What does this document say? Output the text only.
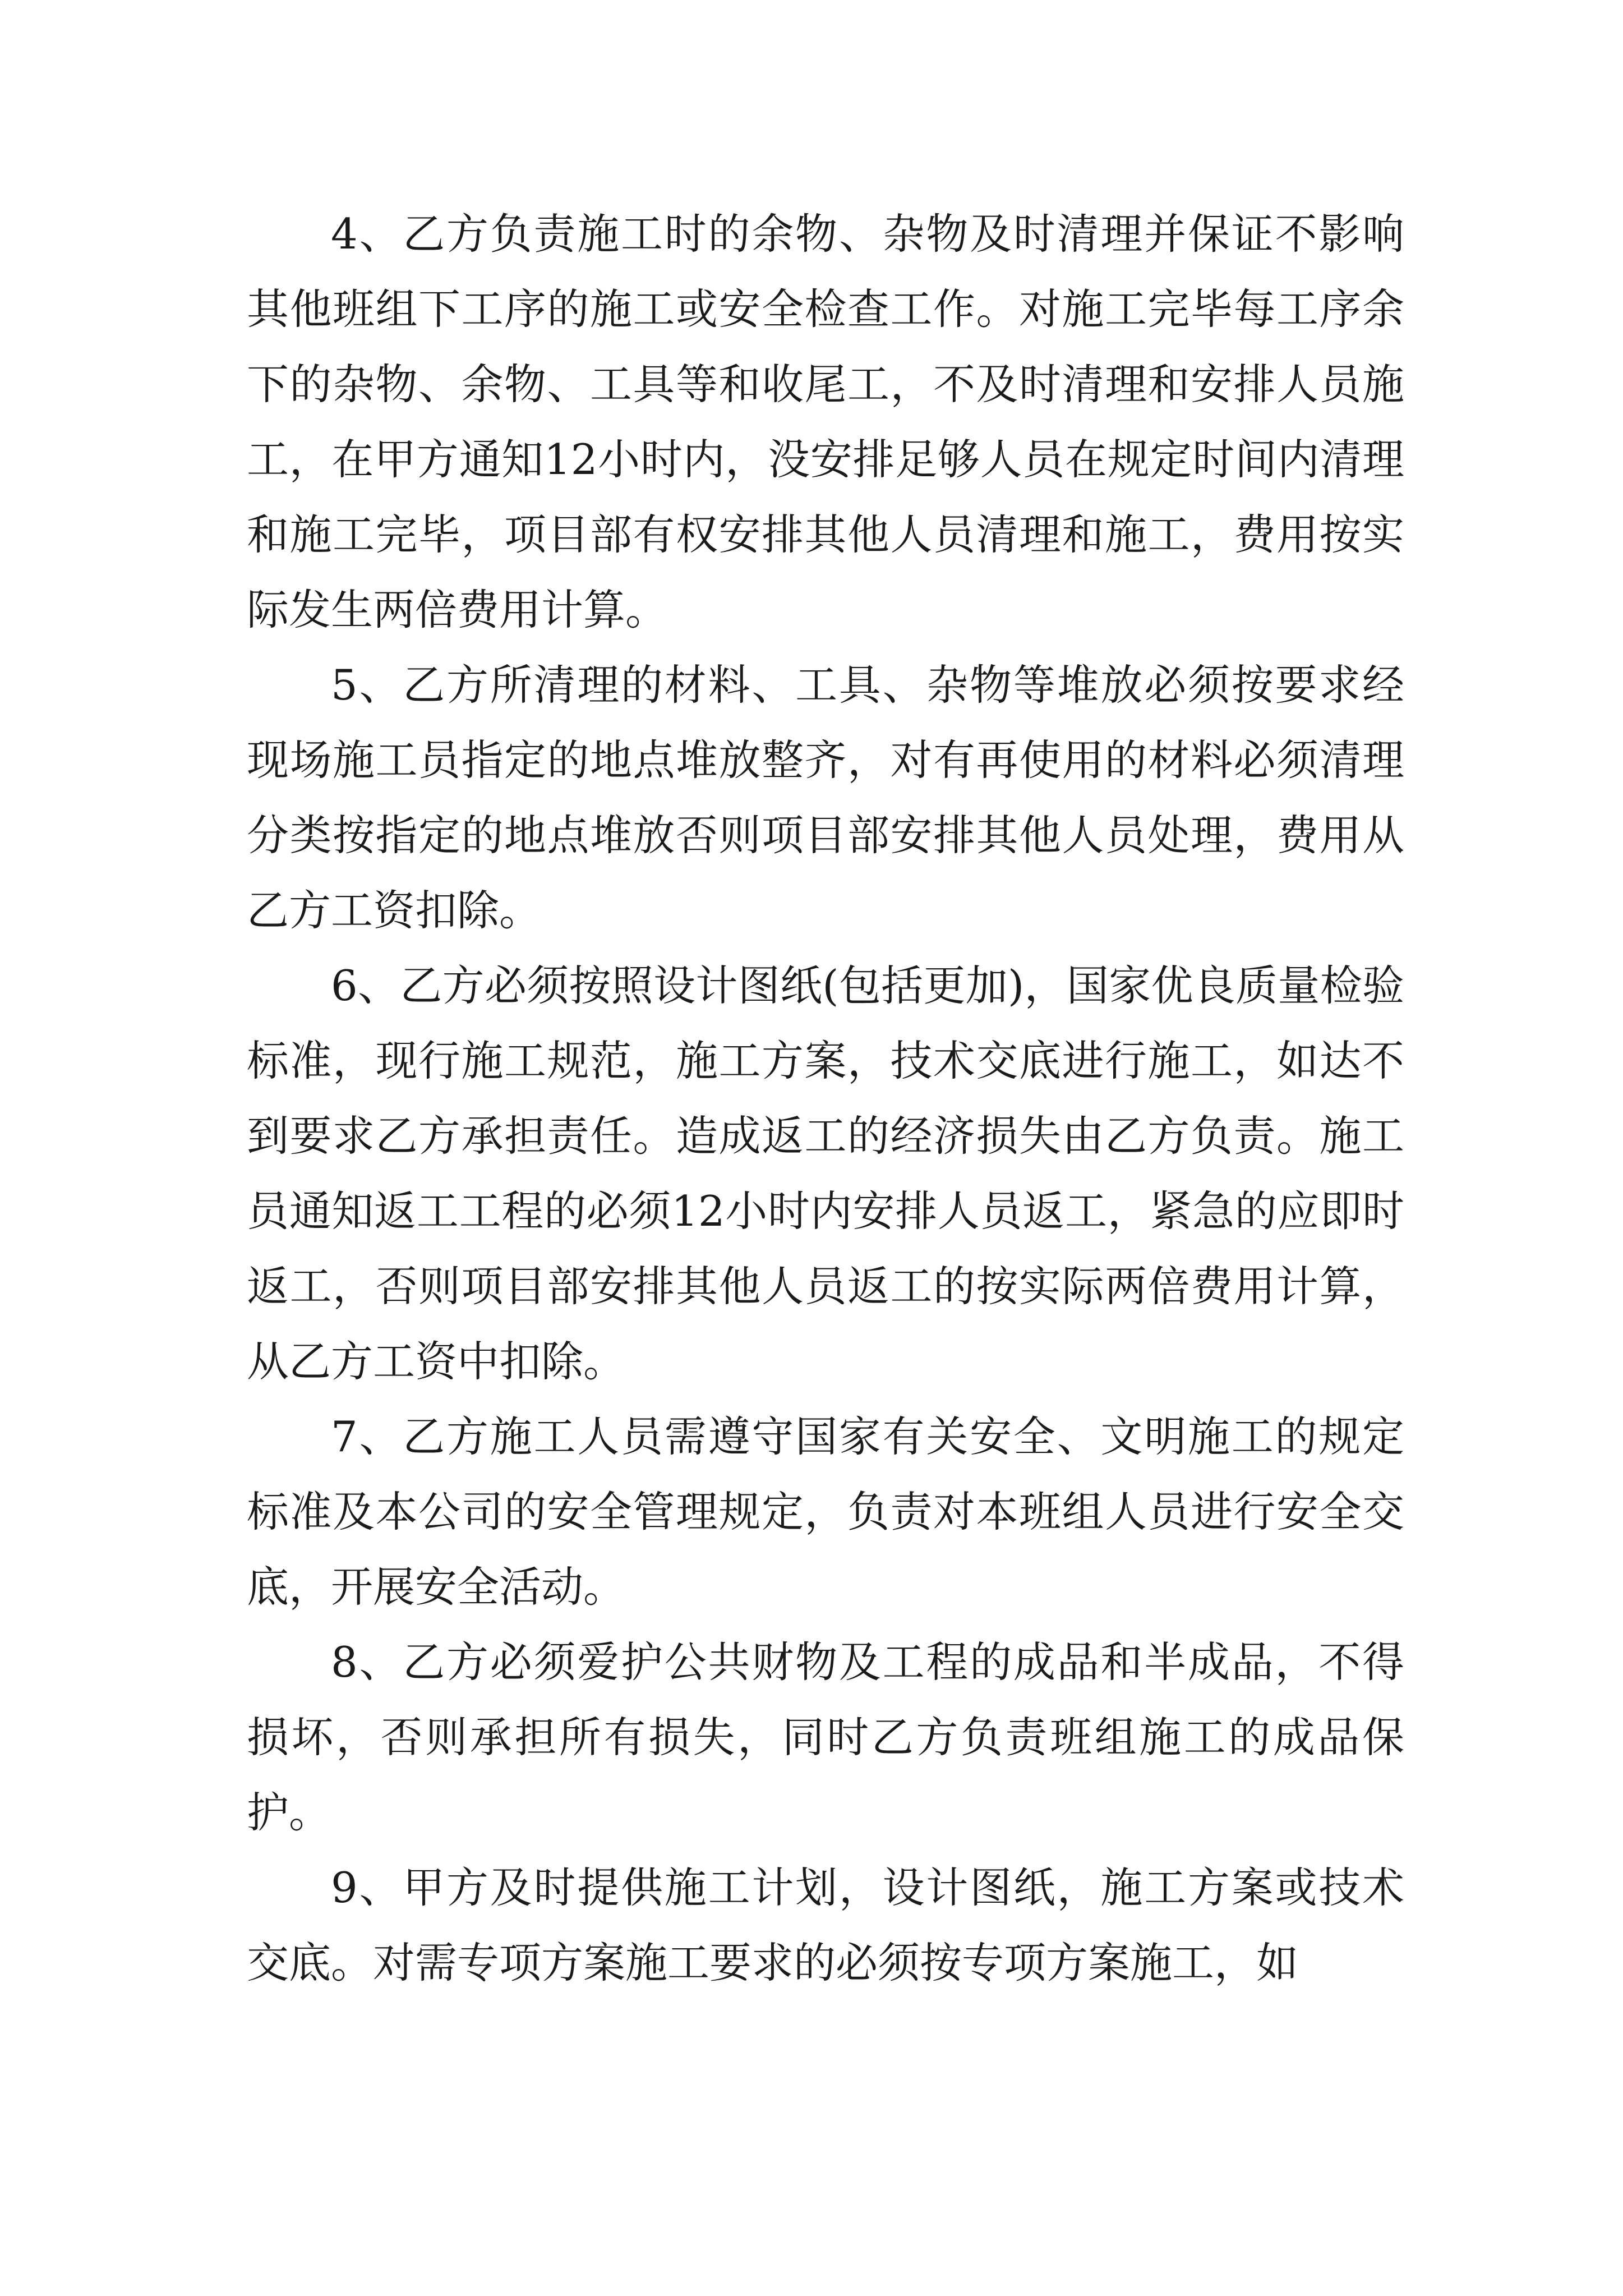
4、乙方负责施工时的余物、杂物及时清理并保证不影响其他班组下工序的施工或安全检查工作。对施工完毕每工序余下的杂物、余物、工具等和收尾工，不及时清理和安排人员施工，在甲方通知12小时内，没安排足够人员在规定时间内清理和施工完毕，项目部有权安排其他人员清理和施工，费用按实际发生两倍费用计算。

5、乙方所清理的材料、工具、杂物等堆放必须按要求经现场施工员指定的地点堆放整齐，对有再使用的材料必须清理分类按指定的地点堆放否则项目部安排其他人员处理，费用从乙方工资扣除。

6、乙方必须按照设计图纸(包括更加)，国家优良质量检验标准，现行施工规范，施工方案，技术交底进行施工，如达不到要求乙方承担责任。造成返工的经济损失由乙方负责。施工员通知返工工程的必须12小时内安排人员返工，紧急的应即时返工，否则项目部安排其他人员返工的按实际两倍费用计算，从乙方工资中扣除。

7、乙方施工人员需遵守国家有关安全、文明施工的规定标准及本公司的安全管理规定，负责对本班组人员进行安全交底，开展安全活动。

8、乙方必须爱护公共财物及工程的成品和半成品，不得损坏，否则承担所有损失，同时乙方负责班组施工的成品保护。

9、甲方及时提供施工计划，设计图纸，施工方案或技术交底。对需专项方案施工要求的必须按专项方案施工，如
